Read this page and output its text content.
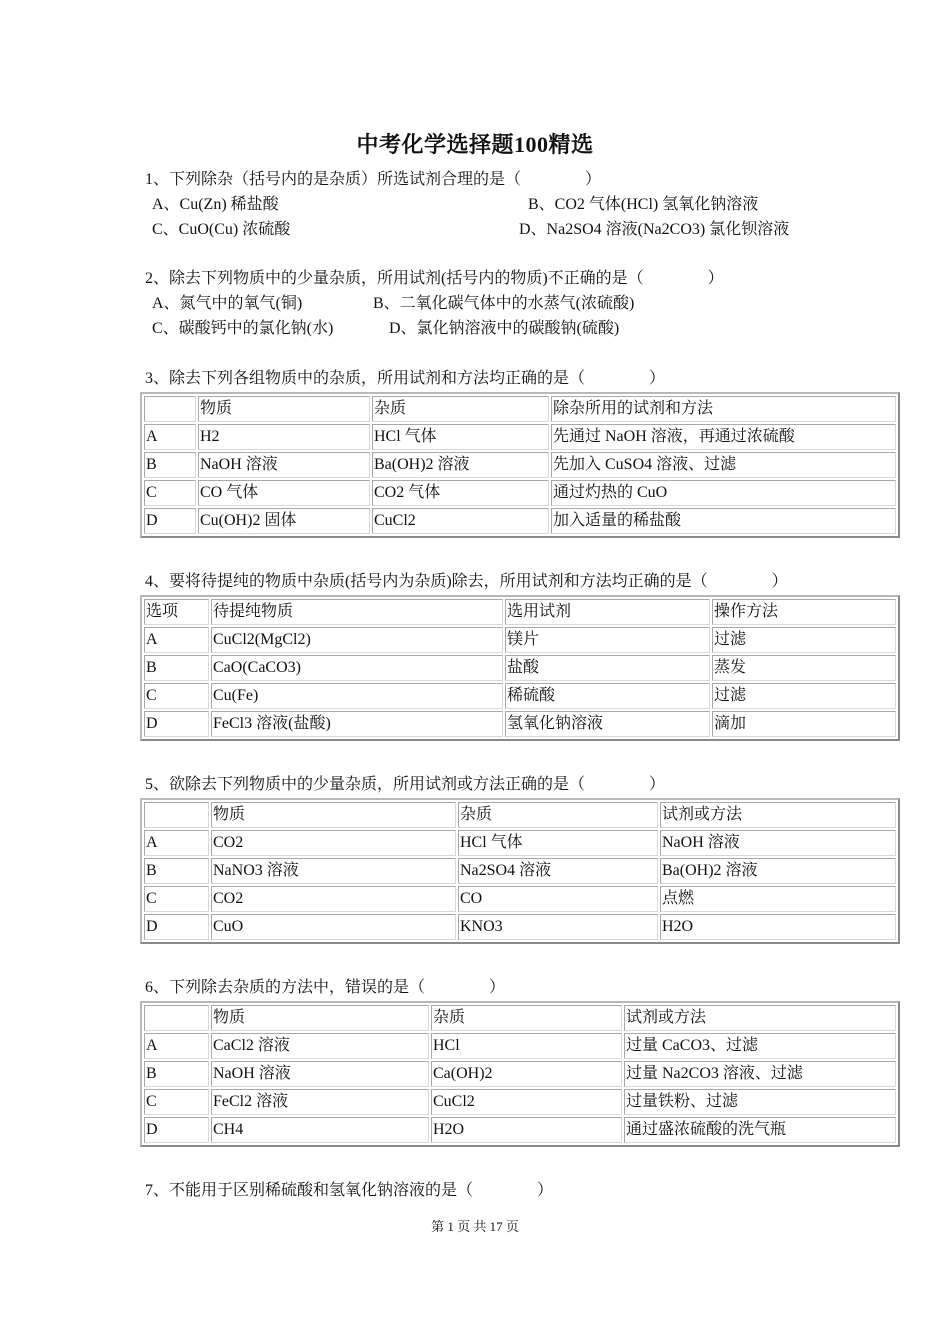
中考化学选择题100精选
1、下列除杂（括号内的是杂质）所选试剂合理的是（　　　　）
A、Cu(Zn) 稀盐酸	B、CO2 气体(HCl) 氢氧化钠溶液
C、CuO(Cu) 浓硫酸	D、Na2SO4 溶液(Na2CO3) 氯化钡溶液
2、除去下列物质中的少量杂质，所用试剂(括号内的物质)不正确的是（　　　　）
A、氮气中的氧气(铜)	B、二氧化碳气体中的水蒸气(浓硫酸)
C、碳酸钙中的氯化钠(水)	D、氯化钠溶液中的碳酸钠(硫酸)
3、除去下列各组物质中的杂质，所用试剂和方法均正确的是（　　　　）
	物质	杂质	除杂所用的试剂和方法
A	H2	HCl 气体	先通过 NaOH 溶液，再通过浓硫酸
B	NaOH 溶液	Ba(OH)2 溶液	先加入 CuSO4 溶液、过滤
C	CO 气体	CO2 气体	通过灼热的 CuO
D	Cu(OH)2 固体	CuCl2	加入适量的稀盐酸
4、要将待提纯的物质中杂质(括号内为杂质)除去，所用试剂和方法均正确的是（　　　　）
选项	待提纯物质	选用试剂	操作方法
A	CuCl2(MgCl2)	镁片	过滤
B	CaO(CaCO3)	盐酸	蒸发
C	Cu(Fe)	稀硫酸	过滤
D	FeCl3 溶液(盐酸)	氢氧化钠溶液	滴加
5、欲除去下列物质中的少量杂质，所用试剂或方法正确的是（　　　　）
	物质	杂质	试剂或方法
A	CO2	HCl 气体	NaOH 溶液
B	NaNO3 溶液	Na2SO4 溶液	Ba(OH)2 溶液
C	CO2	CO	点燃
D	CuO	KNO3	H2O
6、下列除去杂质的方法中，错误的是（　　　　）
	物质	杂质	试剂或方法
A	CaCl2 溶液	HCl	过量 CaCO3、过滤
B	NaOH 溶液	Ca(OH)2	过量 Na2CO3 溶液、过滤
C	FeCl2 溶液	CuCl2	过量铁粉、过滤
D	CH4	H2O	通过盛浓硫酸的洗气瓶
7、不能用于区别稀硫酸和氢氧化钠溶液的是（　　　　）
第 1 页 共 17 页
